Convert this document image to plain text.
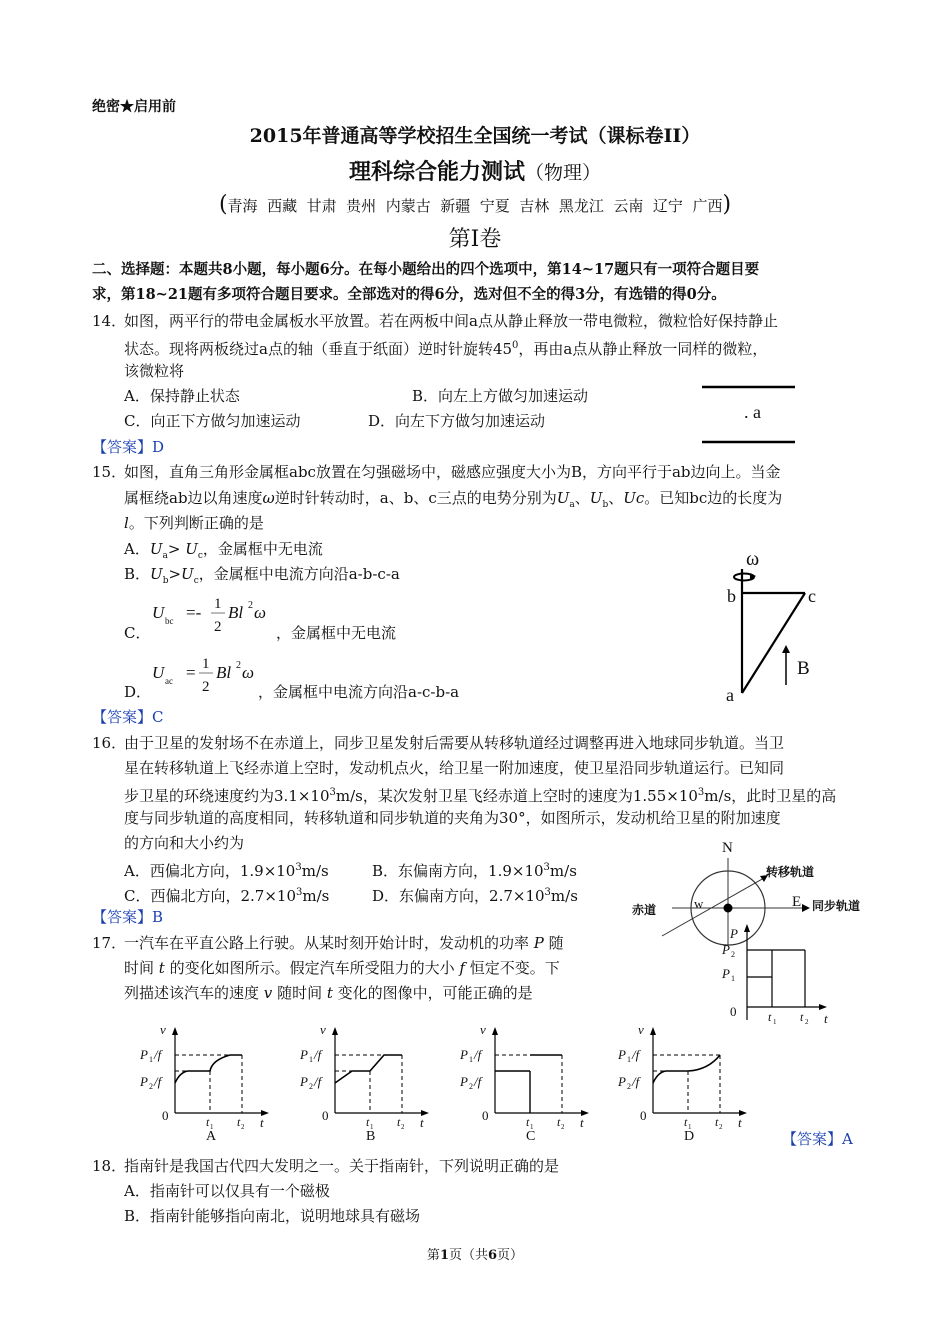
绝密★启用前
2015年普通高等学校招生全国统一考试（课标卷II）
理科综合能力测试（物理）
(青海  西藏  甘肃  贵州  内蒙古  新疆  宁夏  吉林  黑龙江  云南  辽宁  广西)
第Ⅰ卷
二、选择题：本题共8小题，每小题6分。在每小题给出的四个选项中，第14~17题只有一项符合题目要
求，第18~21题有多项符合题目要求。全部选对的得6分，选对但不全的得3分，有选错的得0分。
14．
如图，两平行的带电金属板水平放置。若在两板中间a点从静止释放一带电微粒，微粒恰好保持静止
状态。现将两板绕过a点的轴（垂直于纸面）逆时针旋转$45^0$，再由a点从静止释放一同样的微粒，
该微粒将
A．保持静止状态	B．向左上方做匀加速运动
C．向正下方做匀加速运动	D．向左下方做匀加速运动
【答案】D
. a
15．
如图，直角三角形金属框abc放置在匀强磁场中，磁感应强度大小为B，方向平行于ab边向上。当金
属框绕ab边以角速度ω逆时针转动时，a、b、c三点的电势分别为$U_a$、$U_b$、Uc。已知bc边的长度为
l。下列判断正确的是
A．$U_a> U_c$，金属框中无电流
B．$U_b>U_c$，金属框中电流方向沿a-b-c-a
C．
U bc =- 1
2
Bl 2 ω
，金属框中无电流
D．
U ac = 1
2
Bl 2 ω
，金属框中电流方向沿a-c-b-a
【答案】C
ω
b	c
a
B
16．
由于卫星的发射场不在赤道上，同步卫星发射后需要从转移轨道经过调整再进入地球同步轨道。当卫
星在转移轨道上飞经赤道上空时，发动机点火，给卫星一附加速度，使卫星沿同步轨道运行。已知同
步卫星的环绕速度约为$3.1\times 10^3m/s$，某次发射卫星飞经赤道上空时的速度为$1.55\times 10^3m/s$，此时卫星的高
度与同步轨道的高度相同，转移轨道和同步轨道的夹角为30°，如图所示，发动机给卫星的附加速度
的方向和大小约为
A．西偏北方向，$1.9\times 10^3m/s$	B．东偏南方向，$1.9\times 10^3m/s$
C．西偏北方向，$2.7\times 10^3m/s$	D．东偏南方向，$2.7\times 10^3m/s$
【答案】B
N
w	E
转移轨道
赤道	同步轨道
17．
一汽车在平直公路上行驶。从某时刻开始计时，发动机的功率 P 随
时间 t 的变化如图所示。假定汽车所受阻力的大小 f 恒定不变。下
列描述该汽车的速度 v 随时间 t 变化的图像中，可能正确的是
【答案】A
P
P 2
P 1
0	t 1 t 2 t
v
P 1 /f
P 2 /f
0	t 1 t 2 t
A
v
P 1 /f
P 2 /f
0	t 1 t 2 t
B
v
P 1 /f
P 2 /f
0	t 1 t 2 t
C
v
P 1 /f
P 2 /f
0	t 1 t 2 t
D
18．
指南针是我国古代四大发明之一。关于指南针，下列说明正确的是
A．指南针可以仅具有一个磁极
B．指南针能够指向南北，说明地球具有磁场
第1页（共6页）
